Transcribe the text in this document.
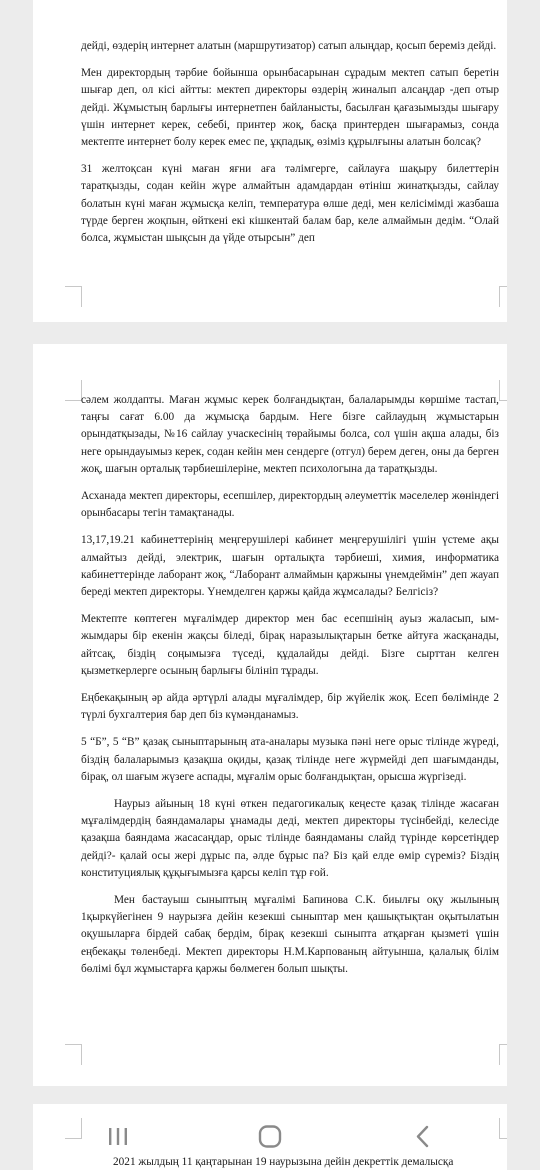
дейді, өздерің интернет алатын (маршрутизатор) сатып алыңдар, қосып береміз дейді.

Мен директордың тәрбие бойынша орынбасарынан сұрадым мектеп сатып беретін шығар деп, ол кісі айтты: мектеп директоры өздерің жиналып алсаңдар -деп отыр дейді. Жұмыстың барлығы интернетпен байланысты, басылған қағазымызды шығару үшін интернет керек, себебі, принтер жоқ, басқа принтерден шығарамыз, сонда мектепте интернет болу керек емес пе, ұқпадық, өзіміз құрылғыны алатын болсақ?

31 желтоқсан күні маған яғни аға тәлімгерге, сайлауға шақыру билеттерін таратқызды, содан кейін жүре алмайтын адамдардан өтініш жинатқызды, сайлау болатын күні маған жұмысқа келіп, температура өлше деді, мен келісімімді жазбаша түрде берген жоқпын, өйткені екі кішкентай балам бар, келе алмаймын дедім. “Олай болса, жұмыстан шықсын да үйде отырсын” деп

сәлем жолдапты. Маған жұмыс керек болғандықтан, балаларымды көршіме тастап, таңғы сағат 6.00 да жұмысқа бардым. Неге бізге сайлаудың жұмыстарын орындатқызады, №16 сайлау учаскесінің төрайымы болса, сол үшін ақша алады, біз неге орындауымыз керек, содан кейін мен сендерге (отгул) берем деген, оны да берген жоқ, шағын орталық тәрбиешілеріне, мектеп психологына да таратқызды.

Асханада мектеп директоры, есепшілер, директордың әлеуметтік мәселелер жөніндегі орынбасары тегін тамақтанады.

13,17,19.21 кабинеттерінің меңгерушілері кабинет меңгерушілігі үшін үстеме ақы алмайтыз дейді, электрик, шағын орталықта тәрбиеші, химия, информатика кабинеттерінде лаборант жоқ, “Лаборант алмаймын қаржыны үнемдеймін” деп жауап береді мектеп директоры. Үнемделген қаржы қайда жұмсалады? Белгісіз?

Мектепте көптеген мұғалімдер директор мен бас есепшінің ауыз жаласып, ым-жымдары бір екенін жақсы біледі, бірақ наразылықтарын бетке айтуға жасқанады, айтсақ, біздің соңымызға түседі, құдалайды дейді. Бізге сырттан келген қызметкерлерге осының барлығы білініп тұрады.

Еңбекақының әр айда әртүрлі алады мұғалімдер, бір жүйелік жоқ. Есеп бөлімінде 2 түрлі бухгалтерия бар деп біз күмәнданамыз.

5 “Б”, 5 “В” қазақ сыныптарының ата-аналары музыка пәні неге орыс тілінде жүреді, біздің балаларымыз қазақша оқиды, қазақ тілінде неге жүрмейді деп шағымданды, бірақ, ол шағым жүзеге аспады, мұғалім орыс болғандықтан, орысша жүргізеді.

Наурыз айының 18 күні өткен педагогикалық кеңесте қазақ тілінде жасаған мұғалімдердің баяндамалары ұнамады деді, мектеп директоры түсінбейді, келесіде қазақша баяндама жасасаңдар, орыс тілінде баяндаманы слайд түрінде көрсетіңдер дейді?- қалай осы жері дұрыс па, әлде бұрыс па? Біз қай елде өмір сүреміз? Біздің конституциялық құқығымызға қарсы келіп тұр ғой.

Мен бастауыш сыныптың мұғалімі Бапинова С.К. биылғы оқу жылының 1қыркүйегінен 9 наурызға дейін кезекші сыныптар мен қашықтықтан оқытылатын оқушыларға бірдей сабақ бердім, бірақ кезекші сыныпта атқарған қызметі үшін еңбекақы төленбеді. Мектеп директоры Н.М.Карпованың айтуынша, қалалық білім бөлімі бұл жұмыстарға қаржы бөлмеген болып шықты.

2021 жылдың 11 қаңтарынан 19 наурызына дейін декреттік демалысқа
